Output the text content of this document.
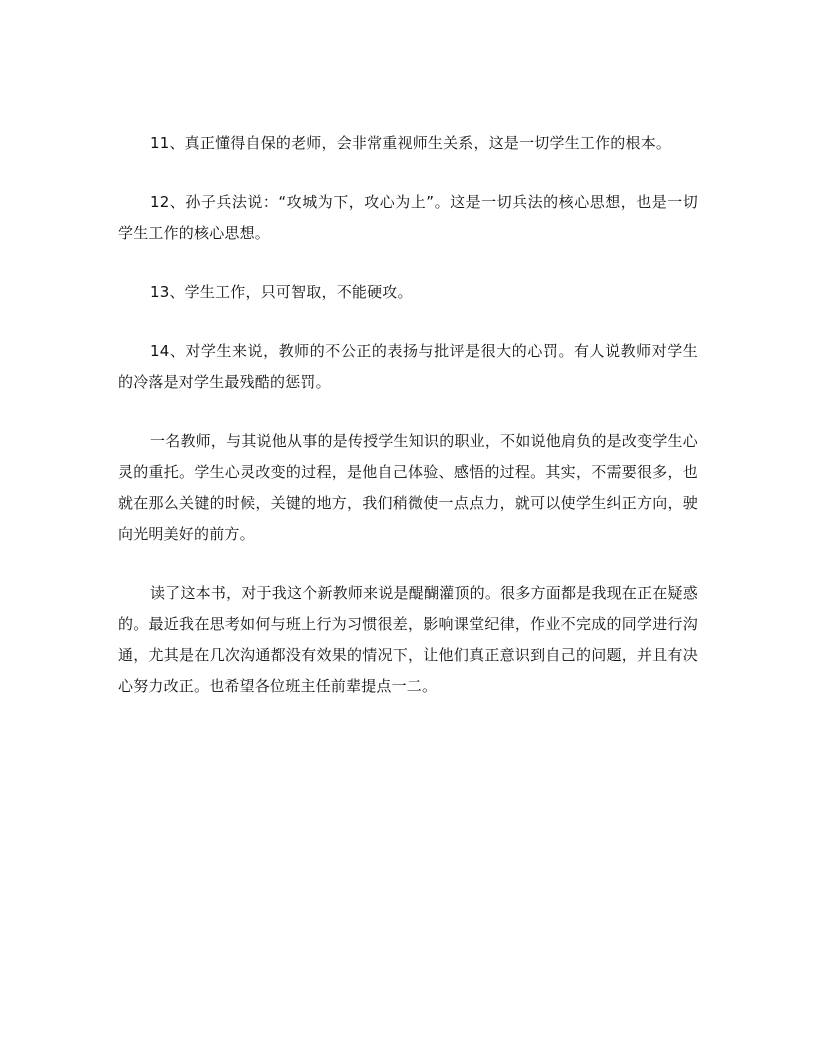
11、真正懂得自保的老师，会非常重视师生关系，这是一切学生工作的根本。

12、孙子兵法说：“攻城为下，攻心为上”。这是一切兵法的核心思想，也是一切学生工作的核心思想。

13、学生工作，只可智取，不能硬攻。

14、对学生来说，教师的不公正的表扬与批评是很大的心罚。有人说教师对学生的冷落是对学生最残酷的惩罚。

一名教师，与其说他从事的是传授学生知识的职业，不如说他肩负的是改变学生心灵的重托。学生心灵改变的过程，是他自己体验、感悟的过程。其实，不需要很多，也就在那么关键的时候，关键的地方，我们稍微使一点点力，就可以使学生纠正方向，驶向光明美好的前方。

读了这本书，对于我这个新教师来说是醍醐灌顶的。很多方面都是我现在正在疑惑的。最近我在思考如何与班上行为习惯很差，影响课堂纪律，作业不完成的同学进行沟通，尤其是在几次沟通都没有效果的情况下，让他们真正意识到自己的问题，并且有决心努力改正。也希望各位班主任前辈提点一二。
